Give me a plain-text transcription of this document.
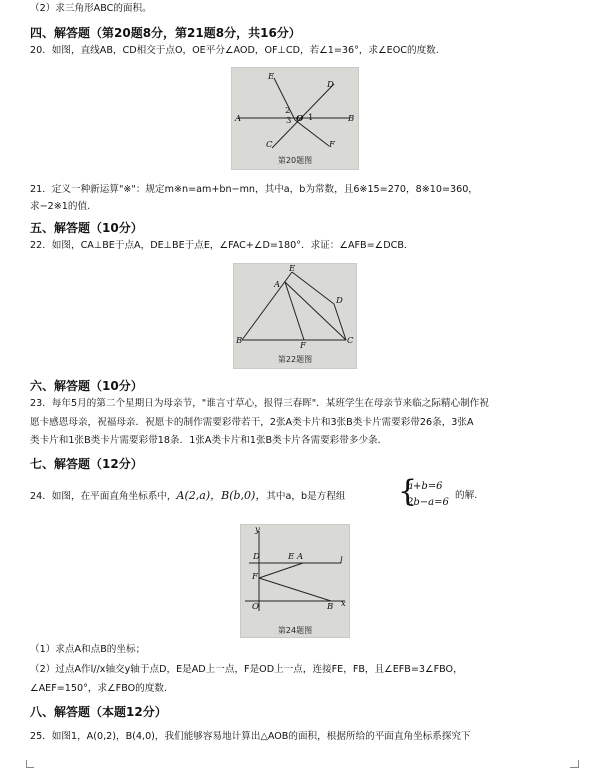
（2）求三角形ABC的面积。
四、解答题（第20题8分，第21题8分，共16分）
20．如图，直线AB，CD相交于点O，OE平分∠AOD，OF⊥CD，若∠1=36°，求∠EOC的度数.
E
D
A	B
C	F
O 1
2
3
第20题图
21．定义一种新运算"※"：规定m※n=am+bn−mn，其中a，b为常数，且6※15=270，8※10=360，
求−2※1的值.
五、解答题（10分）
22．如图，CA⊥BE于点A，DE⊥BE于点E，∠FAC+∠D=180°．求证：∠AFB=∠DCB．
E
A
D
B	F	C
第22题图
六、解答题（10分）
23．每年5月的第二个星期日为母亲节，"谁言寸草心，报得三春晖"．某班学生在母亲节来临之际精心制作祝
愿卡感恩母亲，祝福母亲．祝愿卡的制作需要彩带若干，2张A类卡片和3张B类卡片需要彩带26条，3张A
类卡片和1张B类卡片需要彩带18条．1张A类卡片和1张B类卡片各需要彩带多少条．
七、解答题（12分）
24．如图，在平面直角坐标系中，A(2,a)，B(b,0)，其中a，b是方程组 {
a+b=6
2b−a=6
的解.
y
D	E A	l
F
O	B x
第24题图
（1）求点A和点B的坐标；
（2）过点A作l//x轴交y轴于点D，E是AD上一点，F是OD上一点，连接FE，FB，且∠EFB=3∠FBO，
∠AEF=150°，求∠FBO的度数.
八、解答题（本题12分）
25．如图1，A(0,2)，B(4,0)，我们能够容易地计算出△AOB的面积，根据所给的平面直角坐标系探究下
